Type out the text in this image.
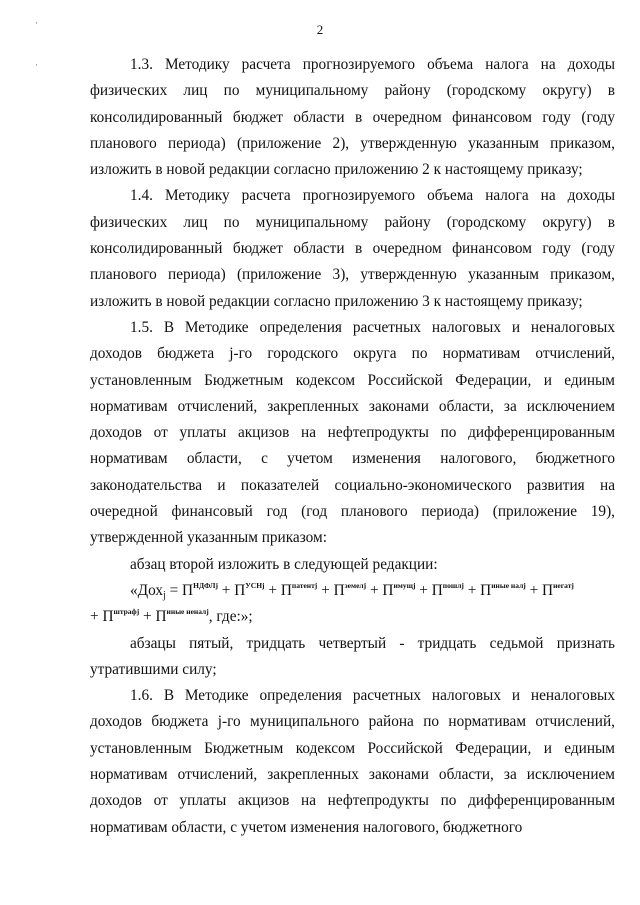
2
·
·	1.3. Методику расчета прогнозируемого объема налога на доходы физических лиц по муниципальному району (городскому округу) в консолидированный бюджет области в очередном финансовом году (году планового периода) (приложение 2), утвержденную указанным приказом, изложить в новой редакции согласно приложению 2 к настоящему приказу;

1.4. Методику расчета прогнозируемого объема налога на доходы физических лиц по муниципальному району (городскому округу) в консолидированный бюджет области в очередном финансовом году (году планового периода) (приложение 3), утвержденную указанным приказом, изложить в новой редакции согласно приложению 3 к настоящему приказу;

1.5. В Методике определения расчетных налоговых и неналоговых доходов бюджета j-го городского округа по нормативам отчислений, установленным Бюджетным кодексом Российской Федерации, и единым нормативам отчислений, закрепленных законами области, за исключением доходов от уплаты акцизов на нефтепродукты по дифференцированным нормативам области, с учетом изменения налогового, бюджетного законодательства и показателей социально-экономического развития на очередной финансовый год (год планового периода) (приложение 19), утвержденной указанным приказом:

абзац второй изложить в следующей редакции:

«$Дох_j = П^{НДФЛj} + П^{УСНj} + П^{патентj} + П^{земелj} + П^{имущj} + П^{пошлj} + П^{иные налj} + П^{негатj}$

+ $П^{штрафj} + П^{иные неналj}$, где:»;

абзацы пятый, тридцать четвертый - тридцать седьмой признать утратившими силу;

1.6. В Методике определения расчетных налоговых и неналоговых доходов бюджета j-го муниципального района по нормативам отчислений, установленным Бюджетным кодексом Российской Федерации, и единым нормативам отчислений, закрепленных законами области, за исключением доходов от уплаты акцизов на нефтепродукты по дифференцированным нормативам области, с учетом изменения налогового, бюджетного
